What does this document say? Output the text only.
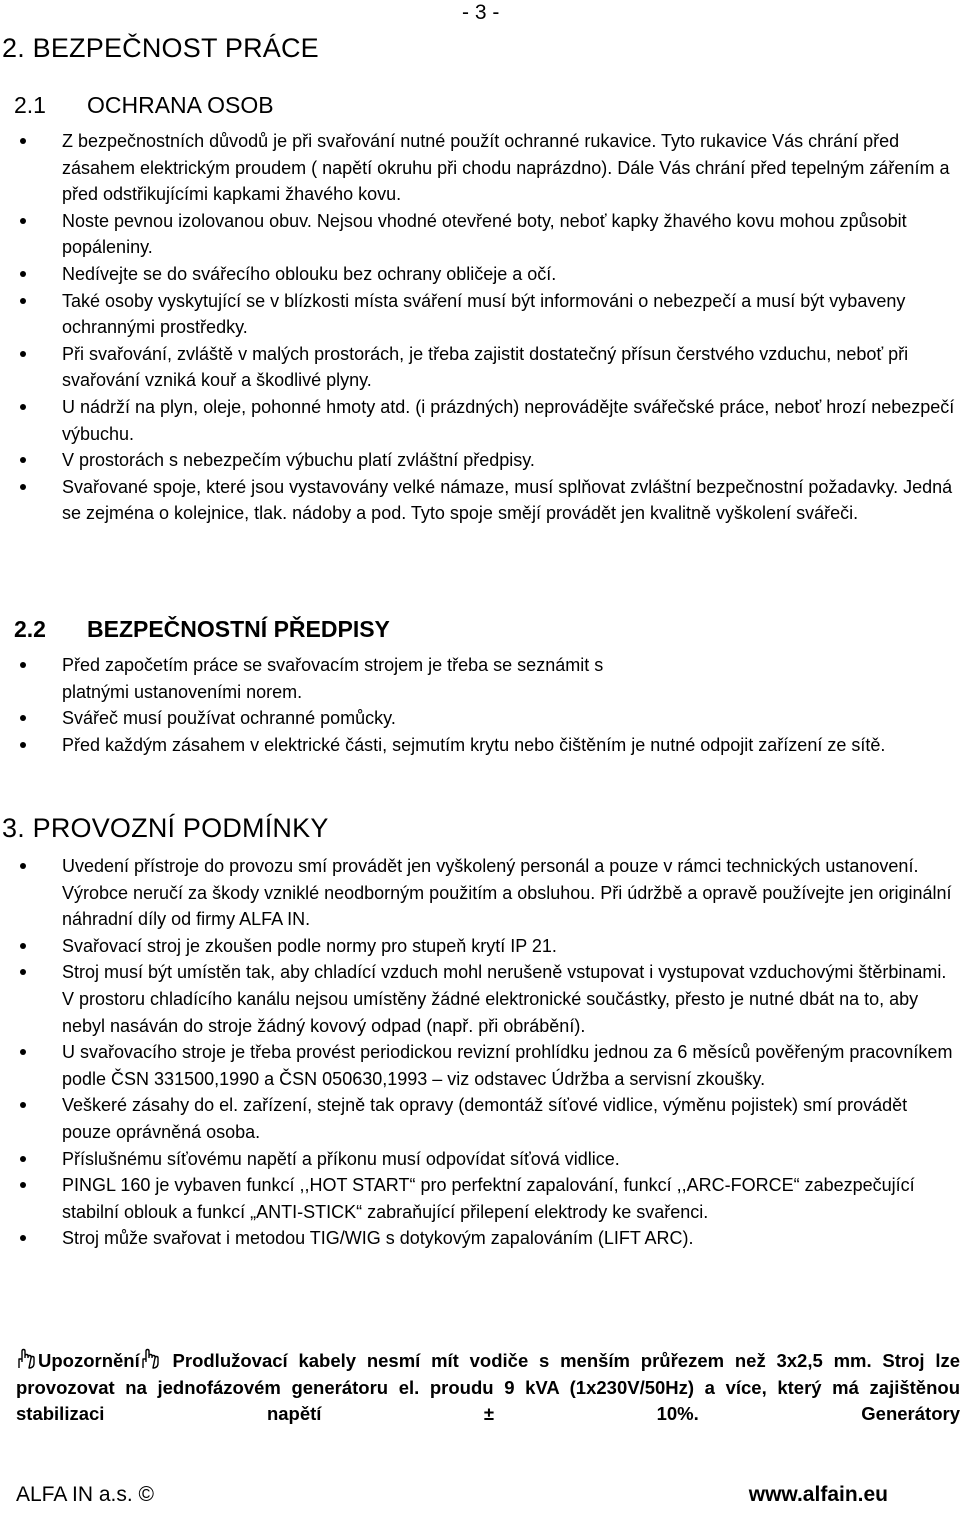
- 3 -
2. BEZPEČNOST PRÁCE
2.1 OCHRANA OSOB
Z bezpečnostních důvodů je při svařování nutné použít ochranné rukavice. Tyto rukavice Vás chrání před zásahem elektrickým proudem ( napětí okruhu při chodu naprázdno). Dále Vás chrání před tepelným zářením a před odstřikujícími kapkami žhavého kovu.
Noste pevnou izolovanou obuv. Nejsou vhodné otevřené boty, neboť kapky žhavého kovu mohou způsobit popáleniny.
Nedívejte se do svářecího oblouku bez ochrany obličeje a očí.
Také osoby vyskytující se v blízkosti místa sváření musí být informováni o nebezpečí a musí být vybaveny ochrannými prostředky.
Při svařování, zvláště v malých prostorách, je třeba zajistit dostatečný přísun čerstvého vzduchu, neboť při svařování vzniká kouř a škodlivé plyny.
U nádrží na plyn, oleje, pohonné hmoty atd. (i prázdných) neprovádějte svářečské práce, neboť hrozí nebezpečí výbuchu.
V prostorách s nebezpečím výbuchu platí zvláštní předpisy.
Svařované spoje, které jsou vystavovány velké námaze, musí splňovat zvláštní bezpečnostní požadavky. Jedná se zejména o kolejnice, tlak. nádoby a pod. Tyto spoje smějí provádět jen kvalitně vyškolení svářeči.
2.2 BEZPEČNOSTNÍ PŘEDPISY
Před započetím práce se svařovacím strojem je třeba se seznámit s
platnými ustanoveními norem.
Svářeč musí používat ochranné pomůcky.
Před každým zásahem v elektrické části, sejmutím krytu nebo čištěním je nutné odpojit zařízení ze sítě.
3. PROVOZNÍ PODMÍNKY
Uvedení přístroje do provozu smí provádět jen vyškolený personál a pouze v rámci technických ustanovení. Výrobce neručí za škody vzniklé neodborným použitím a obsluhou. Při údržbě a opravě používejte jen originální náhradní díly od firmy ALFA IN.
Svařovací stroj je zkoušen podle normy pro stupeň krytí IP 21.
Stroj musí být umístěn tak, aby chladící vzduch mohl nerušeně vstupovat i vystupovat vzduchovými štěrbinami. V prostoru chladícího kanálu nejsou umístěny žádné elektronické součástky, přesto je nutné dbát na to, aby nebyl nasáván do stroje žádný kovový odpad (např. při obrábění).
U svařovacího stroje je třeba provést periodickou revizní prohlídku jednou za 6 měsíců pověřeným pracovníkem podle ČSN 331500,1990 a ČSN 050630,1993 – viz odstavec Údržba a servisní zkoušky.
Veškeré zásahy do el. zařízení, stejně tak opravy (demontáž síťové vidlice, výměnu pojistek) smí provádět pouze oprávněná osoba.
Příslušnému síťovému napětí a příkonu musí odpovídat síťová vidlice.
PINGL 160 je vybaven funkcí ,,HOT START“ pro perfektní zapalování, funkcí ,,ARC-FORCE“ zabezpečující stabilní oblouk a funkcí „ANTI-STICK“ zabraňující přilepení elektrody ke svařenci.
Stroj může svařovat i metodou TIG/WIG s dotykovým zapalováním (LIFT ARC).
Upozornění Prodlužovací kabely nesmí mít vodiče s menším průřezem než 3x2,5 mm. Stroj lze provozovat na jednofázovém generátoru el. proudu 9 kVA (1x230V/50Hz) a více, který má zajištěnou stabilizaci napětí ± 10%. Generátory
ALFA IN a.s. ©	www.alfain.eu
